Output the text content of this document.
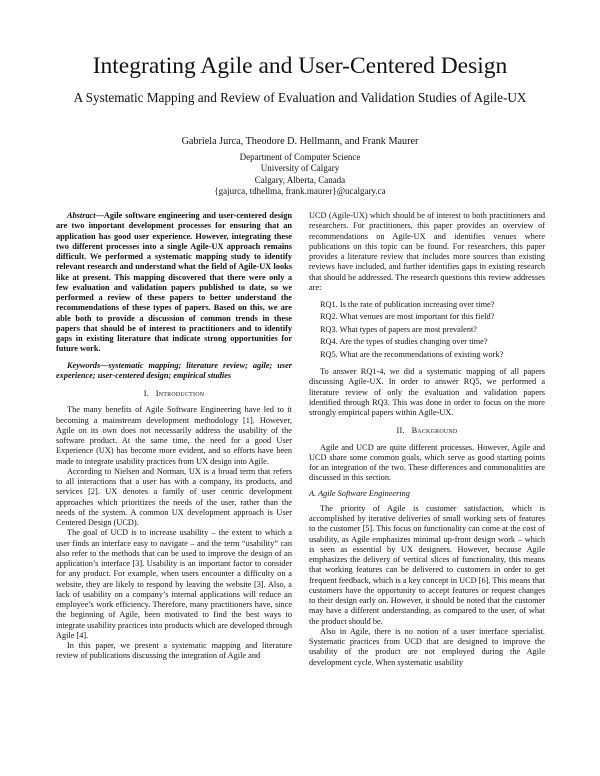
Integrating Agile and User-Centered Design
A Systematic Mapping and Review of Evaluation and Validation Studies of Agile-UX
Gabriela Jurca, Theodore D. Hellmann, and Frank Maurer
Department of Computer Science
University of Calgary
Calgary, Alberta, Canada
{gajurca, tdhellma, frank.maurer}@ucalgary.ca

Abstract—Agile software engineering and user-centered design are two important development processes for ensuring that an application has good user experience. However, integrating these two different processes into a single Agile-UX approach remains difficult. We performed a systematic mapping study to identify relevant research and understand what the field of Agile-UX looks like at present. This mapping discovered that there were only a few evaluation and validation papers published to date, so we performed a review of these papers to better understand the recommendations of these types of papers. Based on this, we are able both to provide a discussion of common trends in these papers that should be of interest to practitioners and to identify gaps in existing literature that indicate strong opportunities for future work.

Keywords—systematic mapping; literature review; agile; user experience; user-centered design; empirical studies

I. Introduction

The many benefits of Agile Software Engineering have led to it becoming a mainstream development methodology [1]. However, Agile on its own does not necessarily address the usability of the software product. At the same time, the need for a good User Experience (UX) has become more evident, and so efforts have been made to integrate usability practices from UX design into Agile.

According to Nielsen and Norman, UX is a broad term that refers to all interactions that a user has with a company, its products, and services [2]. UX denotes a family of user centric development approaches which prioritizes the needs of the user, rather than the needs of the system. A common UX development approach is User Centered Design (UCD).

The goal of UCD is to increase usability – the extent to which a user finds an interface easy to navigate – and the term “usability” can also refer to the methods that can be used to improve the design of an application’s interface [3]. Usability is an important factor to consider for any product. For example, when users encounter a difficulty on a website, they are likely to respond by leaving the website [3]. Also, a lack of usability on a company’s internal applications will reduce an employee’s work efficiency. Therefore, many practitioners have, since the beginning of Agile, been motivated to find the best ways to integrate usability practices into products which are developed through Agile [4].

In this paper, we present a systematic mapping and literature review of publications discussing the integration of Agile and

UCD (Agile-UX) which should be of interest to both practitioners and researchers. For practitioners, this paper provides an overview of recommendations on Agile-UX and identifies venues where publications on this topic can be found. For researchers, this paper provides a literature review that includes more sources than existing reviews have included, and further identifies gaps in existing research that should be addressed. The research questions this review addresses are:

RQ1. Is the rate of publication increasing over time?

RQ2. What venues are most important for this field?

RQ3. What types of papers are most prevalent?

RQ4. Are the types of studies changing over time?

RQ5. What are the recommendations of existing work?

To answer RQ1-4, we did a systematic mapping of all papers discussing Agile-UX. In order to answer RQ5, we performed a literature review of only the evaluation and validation papers identified through RQ3. This was done in order to focus on the more strongly empirical papers within Agile-UX.

II. Background

Agile and UCD are quite different processes. However, Agile and UCD share some common goals, which serve as good starting points for an integration of the two. These differences and commonalities are discussed in this section.

A. Agile Software Engineering

The priority of Agile is customer satisfaction, which is accomplished by iterative deliveries of small working sets of features to the customer [5]. This focus on functionality can come at the cost of usability, as Agile emphasizes minimal up-front design work – which is seen as essential by UX designers. However, because Agile emphasizes the delivery of vertical slices of functionality, this means that working features can be delivered to customers in order to get frequent feedback, which is a key concept in UCD [6]. This means that customers have the opportunity to accept features or request changes to their design early on. However, it should be noted that the customer may have a different understanding, as compared to the user, of what the product should be.

Also in Agile, there is no notion of a user interface specialist. Systematic practices from UCD that are designed to improve the usability of the product are not employed during the Agile development cycle. When systematic usability
